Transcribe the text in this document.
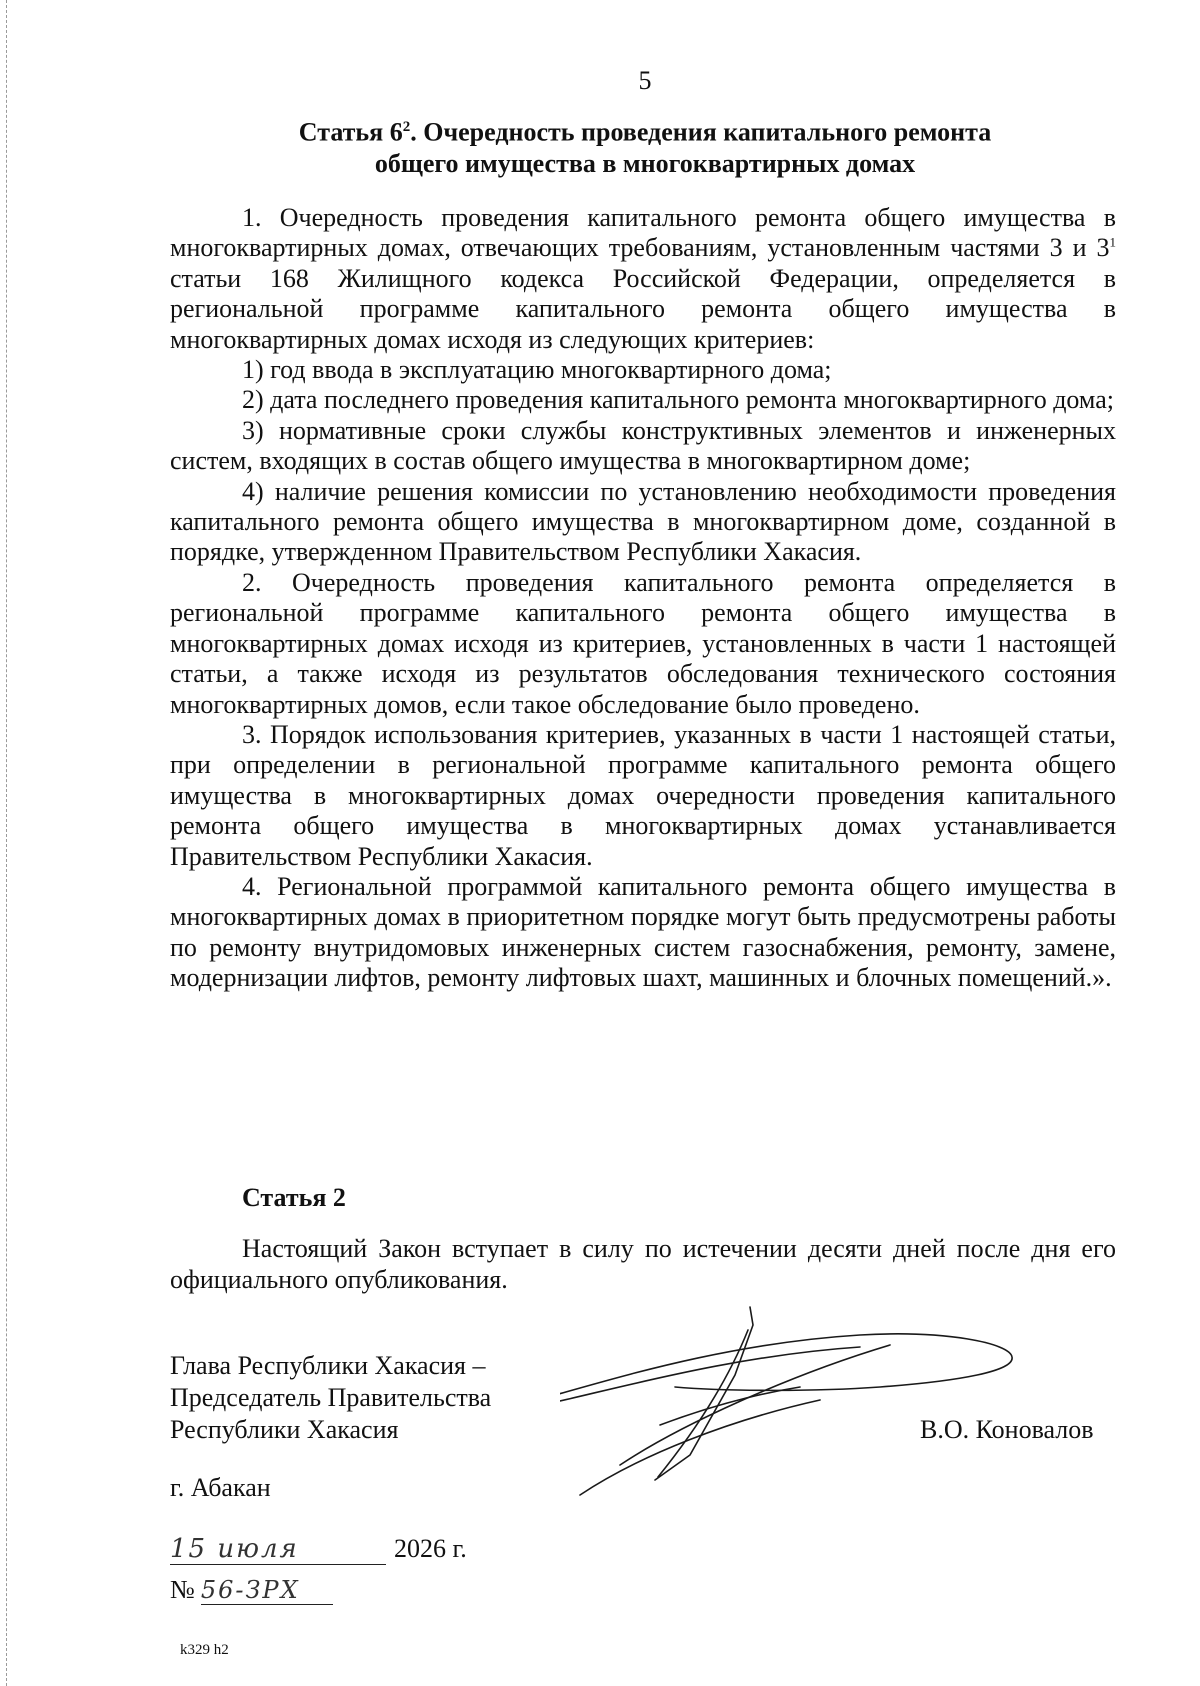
5
Статья $6^2$. Очередность проведения капитального ремонта
общего имущества в многоквартирных домах

1. Очередность проведения капитального ремонта общего имущества в многоквартирных домах, отвечающих требованиям, установленным частями 3 и $3^1$ статьи 168 Жилищного кодекса Российской Федерации, определяется в региональной программе капитального ремонта общего имущества в многоквартирных домах исходя из следующих критериев:

1) год ввода в эксплуатацию многоквартирного дома;

2) дата последнего проведения капитального ремонта многоквартирного дома;

3) нормативные сроки службы конструктивных элементов и инженерных систем, входящих в состав общего имущества в многоквартирном доме;

4) наличие решения комиссии по установлению необходимости проведения капитального ремонта общего имущества в многоквартирном доме, созданной в порядке, утвержденном Правительством Республики Хакасия.

2. Очередность проведения капитального ремонта определяется в региональной программе капитального ремонта общего имущества в многоквартирных домах исходя из критериев, установленных в части 1 настоящей статьи, а также исходя из результатов обследования технического состояния многоквартирных домов, если такое обследование было проведено.

3. Порядок использования критериев, указанных в части 1 настоящей статьи, при определении в региональной программе капитального ремонта общего имущества в многоквартирных домах очередности проведения капитального ремонта общего имущества в многоквартирных домах устанавливается Правительством Республики Хакасия.

4. Региональной программой капитального ремонта общего имущества в многоквартирных домах в приоритетном порядке могут быть предусмотрены работы по ремонту внутридомовых инженерных систем газоснабжения, ремонту, замене, модернизации лифтов, ремонту лифтовых шахт, машинных и блочных помещений.».

Статья 2
Настоящий Закон вступает в силу по истечении десяти дней после дня его официального опубликования.
Глава Республики Хакасия –
Председатель Правительства
Республики Хакасия	В.О. Коновалов
г. Абакан
15 июля	2026 г.
№ 56-ЗРХ
k329 h2
